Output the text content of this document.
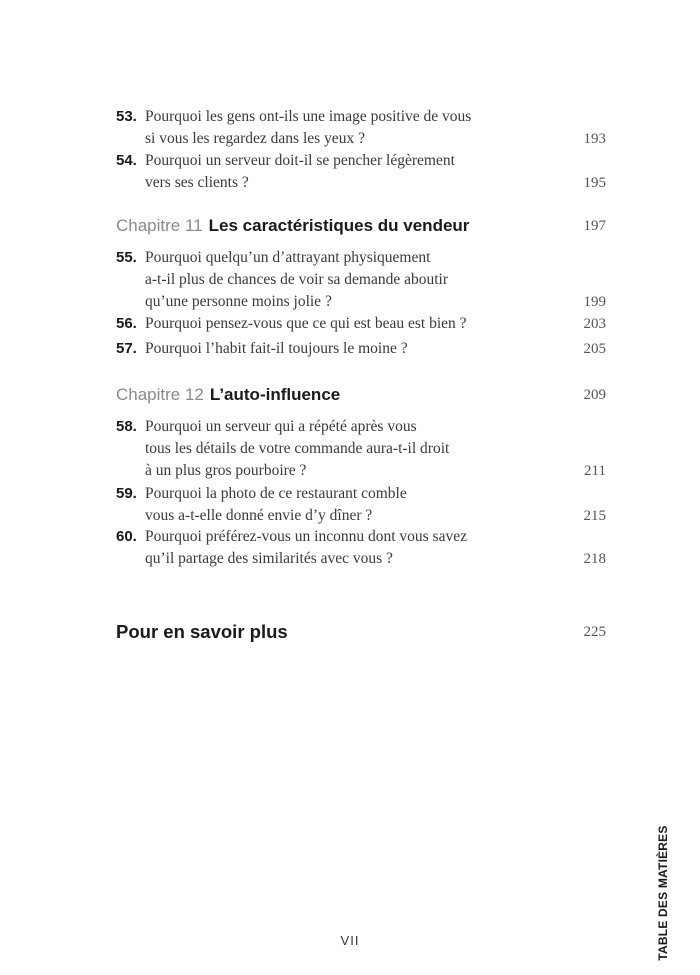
53. Pourquoi les gens ont-ils une image positive de vous
si vous les regardez dans les yeux ?	193
54. Pourquoi un serveur doit-il se pencher légèrement
vers ses clients ?	195
Chapitre 11 Les caractéristiques du vendeur	197
55. Pourquoi quelqu’un d’attrayant physiquement
a-t-il plus de chances de voir sa demande aboutir
qu’une personne moins jolie ?	199
56. Pourquoi pensez-vous que ce qui est beau est bien ?	203
57. Pourquoi l’habit fait-il toujours le moine ?	205
Chapitre 12 L’auto-influence	209
58. Pourquoi un serveur qui a répété après vous
tous les détails de votre commande aura-t-il droit
à un plus gros pourboire ?	211
59. Pourquoi la photo de ce restaurant comble
vous a-t-elle donné envie d’y dîner ?	215
60. Pourquoi préférez-vous un inconnu dont vous savez
qu’il partage des similarités avec vous ?	218
Pour en savoir plus	225
VII	TABLE DES MATIÈRES
